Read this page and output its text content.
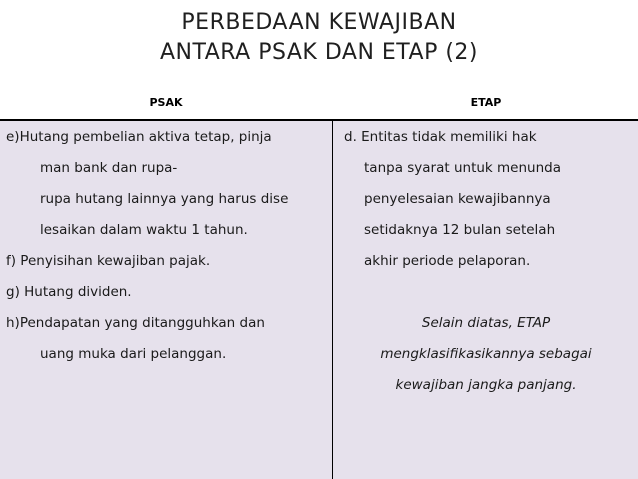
PERBEDAAN KEWAJIBAN
ANTARA PSAK DAN ETAP (2)
PSAK	ETAP
e)Hutang pembelian aktiva tetap, pinja
man bank dan rupa-
rupa hutang lainnya yang harus dise
lesaikan dalam waktu 1 tahun.
f) Penyisihan kewajiban pajak.
g) Hutang dividen.
h)Pendapatan yang ditangguhkan dan
uang muka dari pelanggan.
d. Entitas tidak memiliki hak
tanpa syarat untuk menunda
penyelesaian kewajibannya
setidaknya 12 bulan setelah
akhir periode pelaporan.
Selain diatas, ETAP
mengklasifikasikannya sebagai
kewajiban jangka panjang.
